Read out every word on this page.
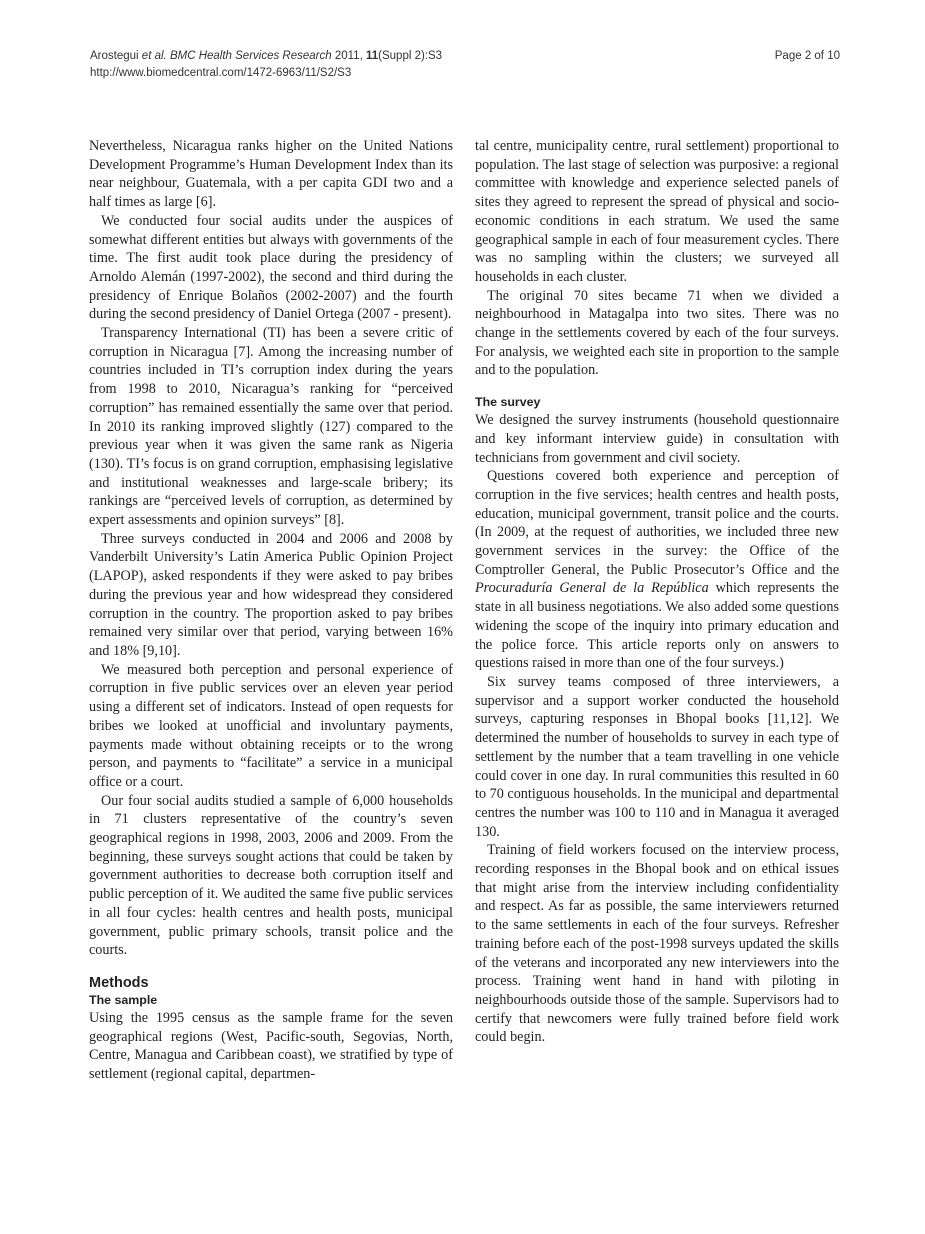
Arostegui et al. BMC Health Services Research 2011, 11(Suppl 2):S3
http://www.biomedcentral.com/1472-6963/11/S2/S3
Page 2 of 10

Nevertheless, Nicaragua ranks higher on the United Nations Development Programme’s Human Development Index than its near neighbour, Guatemala, with a per capita GDI two and a half times as large [6].

We conducted four social audits under the auspices of somewhat different entities but always with governments of the time. The first audit took place during the presidency of Arnoldo Alemán (1997-2002), the second and third during the presidency of Enrique Bolaños (2002-2007) and the fourth during the second presidency of Daniel Ortega (2007 - present).

Transparency International (TI) has been a severe critic of corruption in Nicaragua [7]. Among the increasing number of countries included in TI’s corruption index during the years from 1998 to 2010, Nicaragua’s ranking for “perceived corruption” has remained essentially the same over that period. In 2010 its ranking improved slightly (127) compared to the previous year when it was given the same rank as Nigeria (130). TI’s focus is on grand corruption, emphasising legislative and institutional weaknesses and large-scale bribery; its rankings are “perceived levels of corruption, as determined by expert assessments and opinion surveys” [8].

Three surveys conducted in 2004 and 2006 and 2008 by Vanderbilt University’s Latin America Public Opinion Project (LAPOP), asked respondents if they were asked to pay bribes during the previous year and how widespread they considered corruption in the country. The proportion asked to pay bribes remained very similar over that period, varying between 16% and 18% [9,10].

We measured both perception and personal experience of corruption in five public services over an eleven year period using a different set of indicators. Instead of open requests for bribes we looked at unofficial and involuntary payments, payments made without obtaining receipts or to the wrong person, and payments to “facilitate” a service in a municipal office or a court.

Our four social audits studied a sample of 6,000 households in 71 clusters representative of the country’s seven geographical regions in 1998, 2003, 2006 and 2009. From the beginning, these surveys sought actions that could be taken by government authorities to decrease both corruption itself and public perception of it. We audited the same five public services in all four cycles: health centres and health posts, municipal government, public primary schools, transit police and the courts.

Methods
The sample

Using the 1995 census as the sample frame for the seven geographical regions (West, Pacific-south, Segovias, North, Centre, Managua and Caribbean coast), we stratified by type of settlement (regional capital, departmen-

tal centre, municipality centre, rural settlement) proportional to population. The last stage of selection was purposive: a regional committee with knowledge and experience selected panels of sites they agreed to represent the spread of physical and socio-economic conditions in each stratum. We used the same geographical sample in each of four measurement cycles. There was no sampling within the clusters; we surveyed all households in each cluster.

The original 70 sites became 71 when we divided a neighbourhood in Matagalpa into two sites. There was no change in the settlements covered by each of the four surveys. For analysis, we weighted each site in proportion to the sample and to the population.

The survey

We designed the survey instruments (household questionnaire and key informant interview guide) in consultation with technicians from government and civil society.

Questions covered both experience and perception of corruption in the five services; health centres and health posts, education, municipal government, transit police and the courts. (In 2009, at the request of authorities, we included three new government services in the survey: the Office of the Comptroller General, the Public Prosecutor’s Office and the Procuraduría General de la República which represents the state in all business negotiations. We also added some questions widening the scope of the inquiry into primary education and the police force. This article reports only on answers to questions raised in more than one of the four surveys.)

Six survey teams composed of three interviewers, a supervisor and a support worker conducted the household surveys, capturing responses in Bhopal books [11,12]. We determined the number of households to survey in each type of settlement by the number that a team travelling in one vehicle could cover in one day. In rural communities this resulted in 60 to 70 contiguous households. In the municipal and departmental centres the number was 100 to 110 and in Managua it averaged 130.

Training of field workers focused on the interview process, recording responses in the Bhopal book and on ethical issues that might arise from the interview including confidentiality and respect. As far as possible, the same interviewers returned to the same settlements in each of the four surveys. Refresher training before each of the post-1998 surveys updated the skills of the veterans and incorporated any new interviewers into the process. Training went hand in hand with piloting in neighbourhoods outside those of the sample. Supervisors had to certify that newcomers were fully trained before field work could begin.
